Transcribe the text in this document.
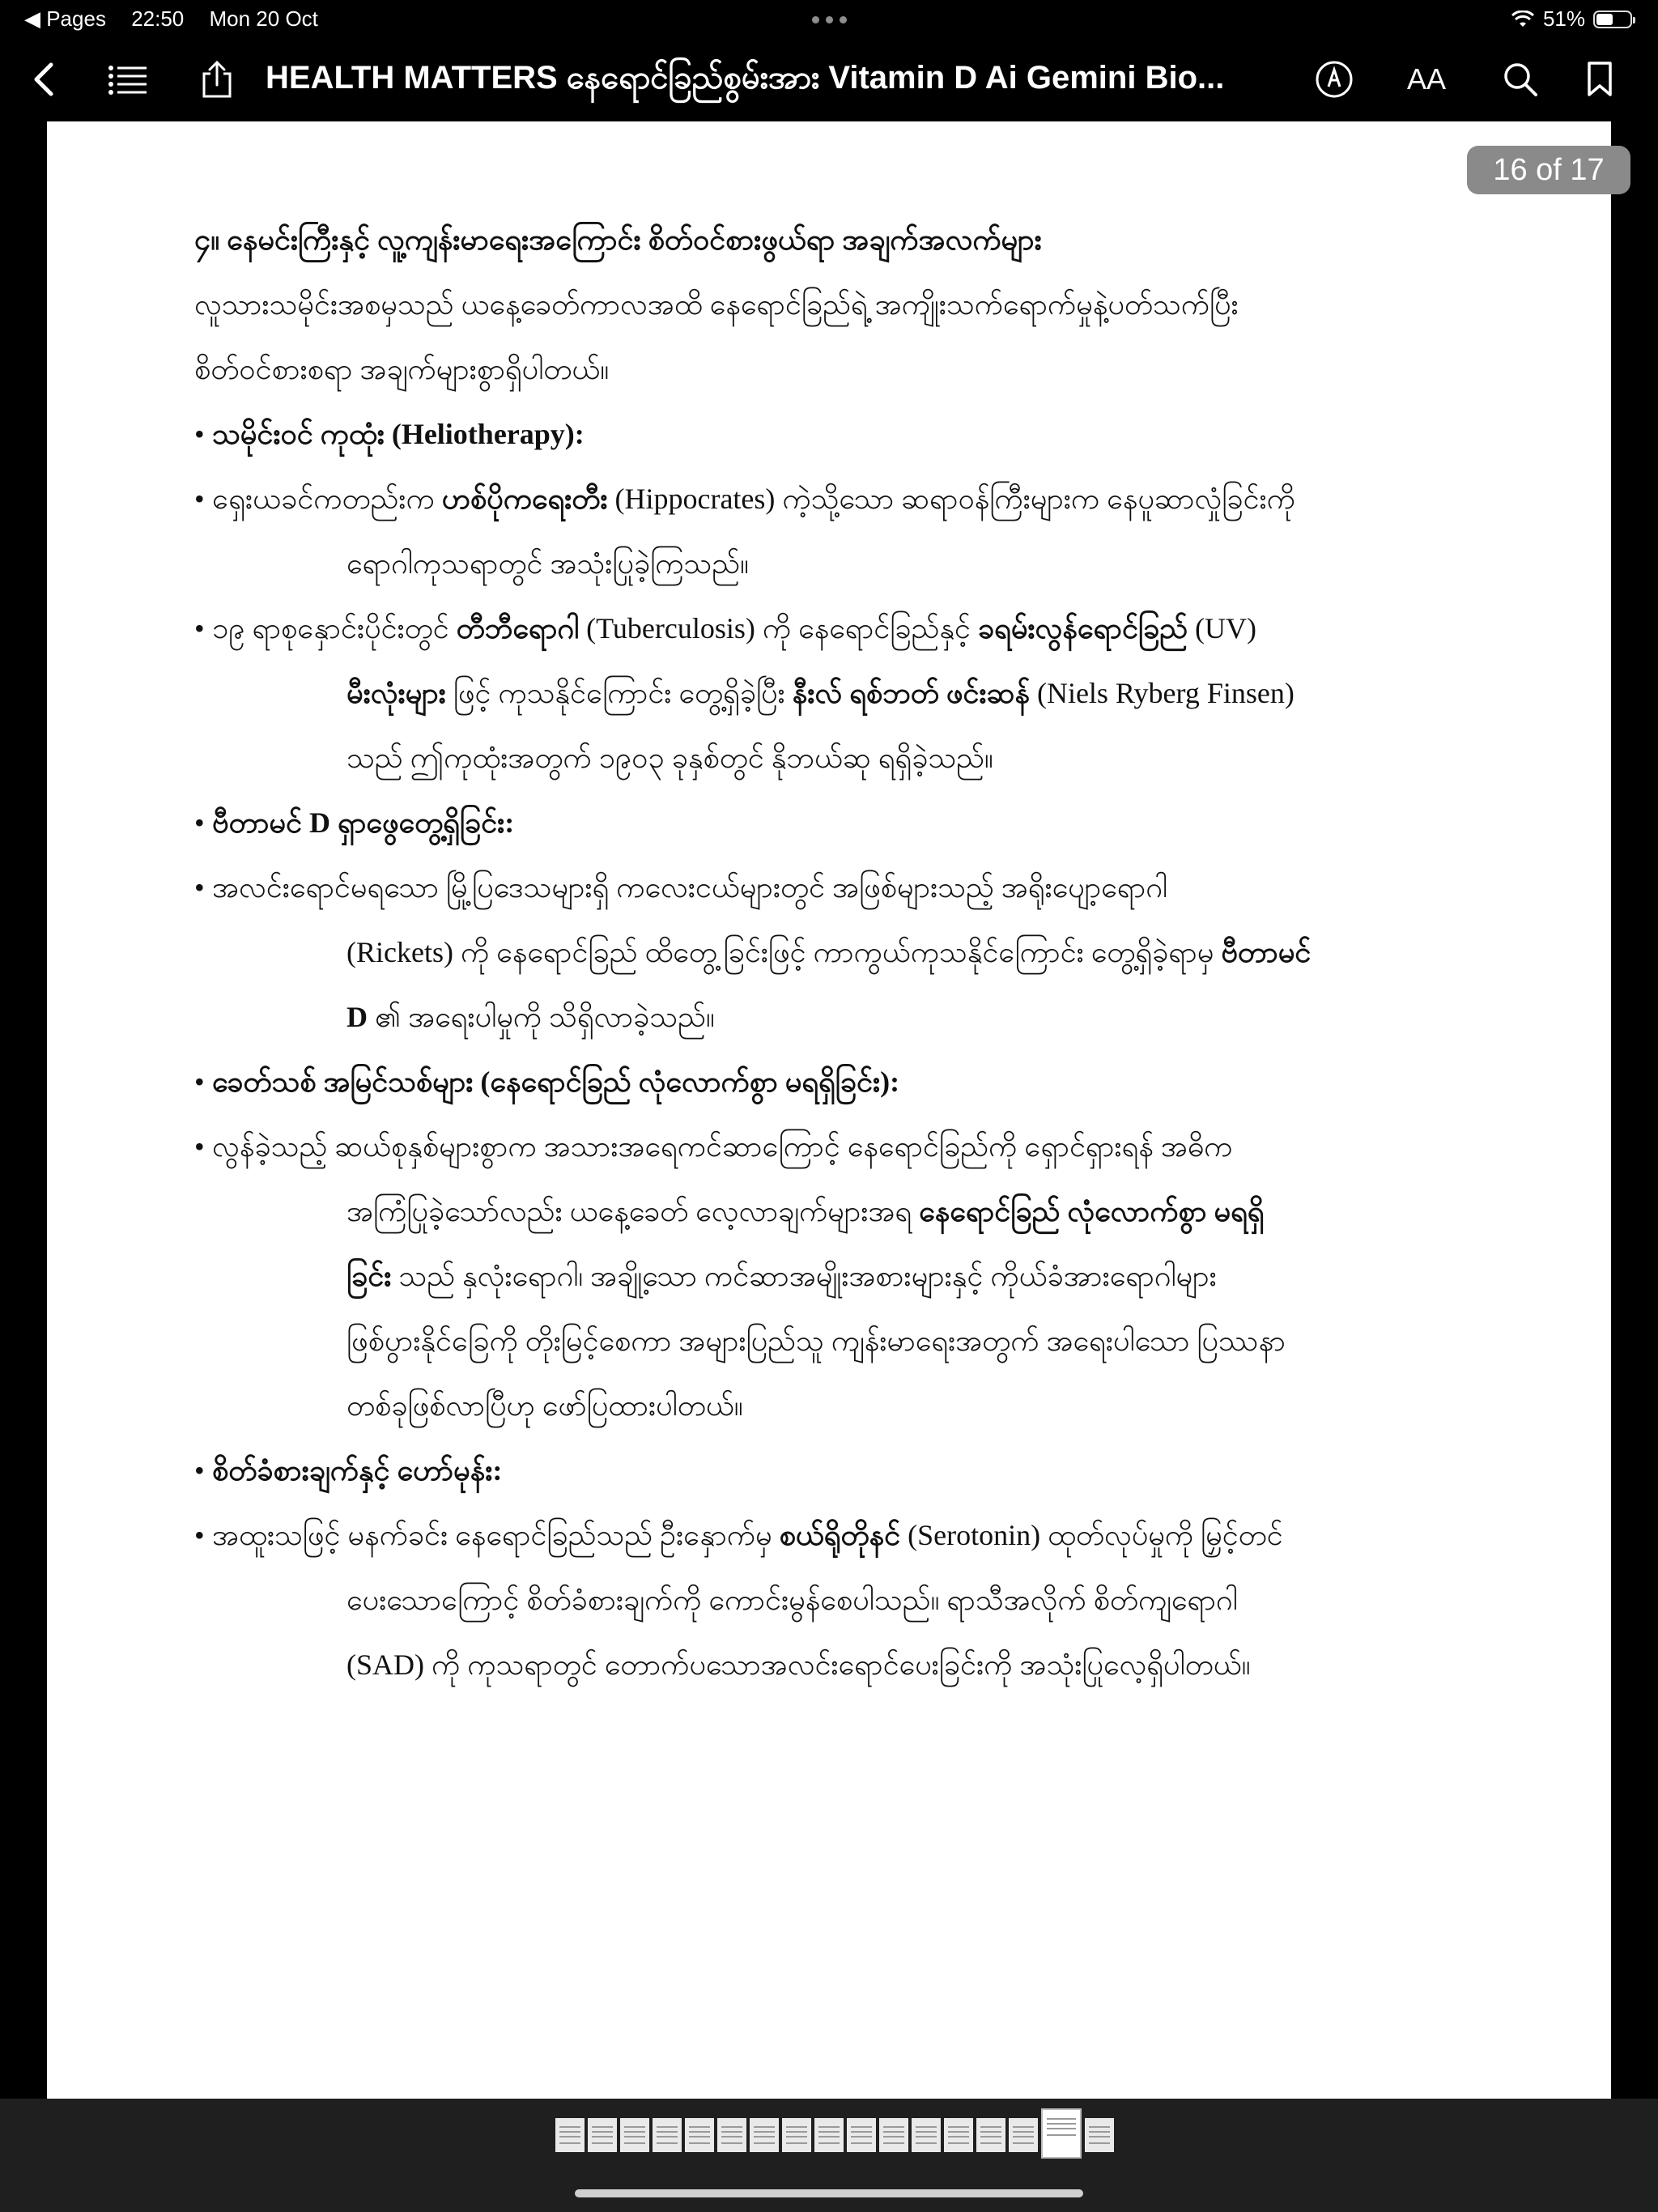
◀ Pages 22:50 Mon 20 Oct	51%
HEALTH MATTERS နေရောင်ခြည်စွမ်းအား Vitamin D Ai Gemini Bio...	AA
16 of 17
၄။ နေမင်းကြီးနှင့် လူ့ကျန်းမာရေးအကြောင်း စိတ်ဝင်စားဖွယ်ရာ အချက်အလက်များ
လူသားသမိုင်းအစမှသည် ယနေ့ခေတ်ကာလအထိ နေရောင်ခြည်ရဲ့ အကျိုးသက်ရောက်မှုနဲ့ပတ်သက်ပြီး
စိတ်ဝင်စားစရာ အချက်များစွာရှိပါတယ်။
• သမိုင်းဝင် ကုထုံး (Heliotherapy):
• ရှေးယခင်ကတည်းက ဟစ်ပိုကရေးတီး (Hippocrates) ကဲ့သို့သော ဆရာဝန်ကြီးများက နေပူဆာလှုံခြင်းကို
ရောဂါကုသရာတွင် အသုံးပြုခဲ့ကြသည်။
• ၁၉ ရာစုနှောင်းပိုင်းတွင် တီဘီရောဂါ (Tuberculosis) ကို နေရောင်ခြည်နှင့် ခရမ်းလွန်ရောင်ခြည် (UV)
မီးလုံးများ ဖြင့် ကုသနိုင်ကြောင်း တွေ့ရှိခဲ့ပြီး နီးလ် ရစ်ဘတ် ဖင်းဆန် (Niels Ryberg Finsen)
သည် ဤကုထုံးအတွက် ၁၉၀၃ ခုနှစ်တွင် နိုဘယ်ဆု ရရှိခဲ့သည်။
• ဗီတာမင် D ရှာဖွေတွေ့ရှိခြင်း:
• အလင်းရောင်မရသော မြို့ပြဒေသများရှိ ကလေးငယ်များတွင် အဖြစ်များသည့် အရိုးပျော့ရောဂါ
(Rickets) ကို နေရောင်ခြည် ထိတွေ့ခြင်းဖြင့် ကာကွယ်ကုသနိုင်ကြောင်း တွေ့ရှိခဲ့ရာမှ ဗီတာမင်
D ၏ အရေးပါမှုကို သိရှိလာခဲ့သည်။
• ခေတ်သစ် အမြင်သစ်များ (နေရောင်ခြည် လုံလောက်စွာ မရရှိခြင်း):
• လွန်ခဲ့သည့် ဆယ်စုနှစ်များစွာက အသားအရေကင်ဆာကြောင့် နေရောင်ခြည်ကို ရှောင်ရှားရန် အဓိက
အကြံပြုခဲ့သော်လည်း ယနေ့ခေတ် လေ့လာချက်များအရ နေရောင်ခြည် လုံလောက်စွာ မရရှိ
ခြင်း သည် နှလုံးရောဂါ၊ အချို့သော ကင်ဆာအမျိုးအစားများနှင့် ကိုယ်ခံအားရောဂါများ
ဖြစ်ပွားနိုင်ခြေကို တိုးမြင့်စေကာ အများပြည်သူ ကျန်းမာရေးအတွက် အရေးပါသော ပြဿနာ
တစ်ခုဖြစ်လာပြီဟု ဖော်ပြထားပါတယ်။
• စိတ်ခံစားချက်နှင့် ဟော်မုန်း:
• အထူးသဖြင့် မနက်ခင်း နေရောင်ခြည်သည် ဦးနှောက်မှ စယ်ရိုတိုနင် (Serotonin) ထုတ်လုပ်မှုကို မြှင့်တင်
ပေးသောကြောင့် စိတ်ခံစားချက်ကို ကောင်းမွန်စေပါသည်။ ရာသီအလိုက် စိတ်ကျရောဂါ
(SAD) ကို ကုသရာတွင် တောက်ပသောအလင်းရောင်ပေးခြင်းကို အသုံးပြုလေ့ရှိပါတယ်။
